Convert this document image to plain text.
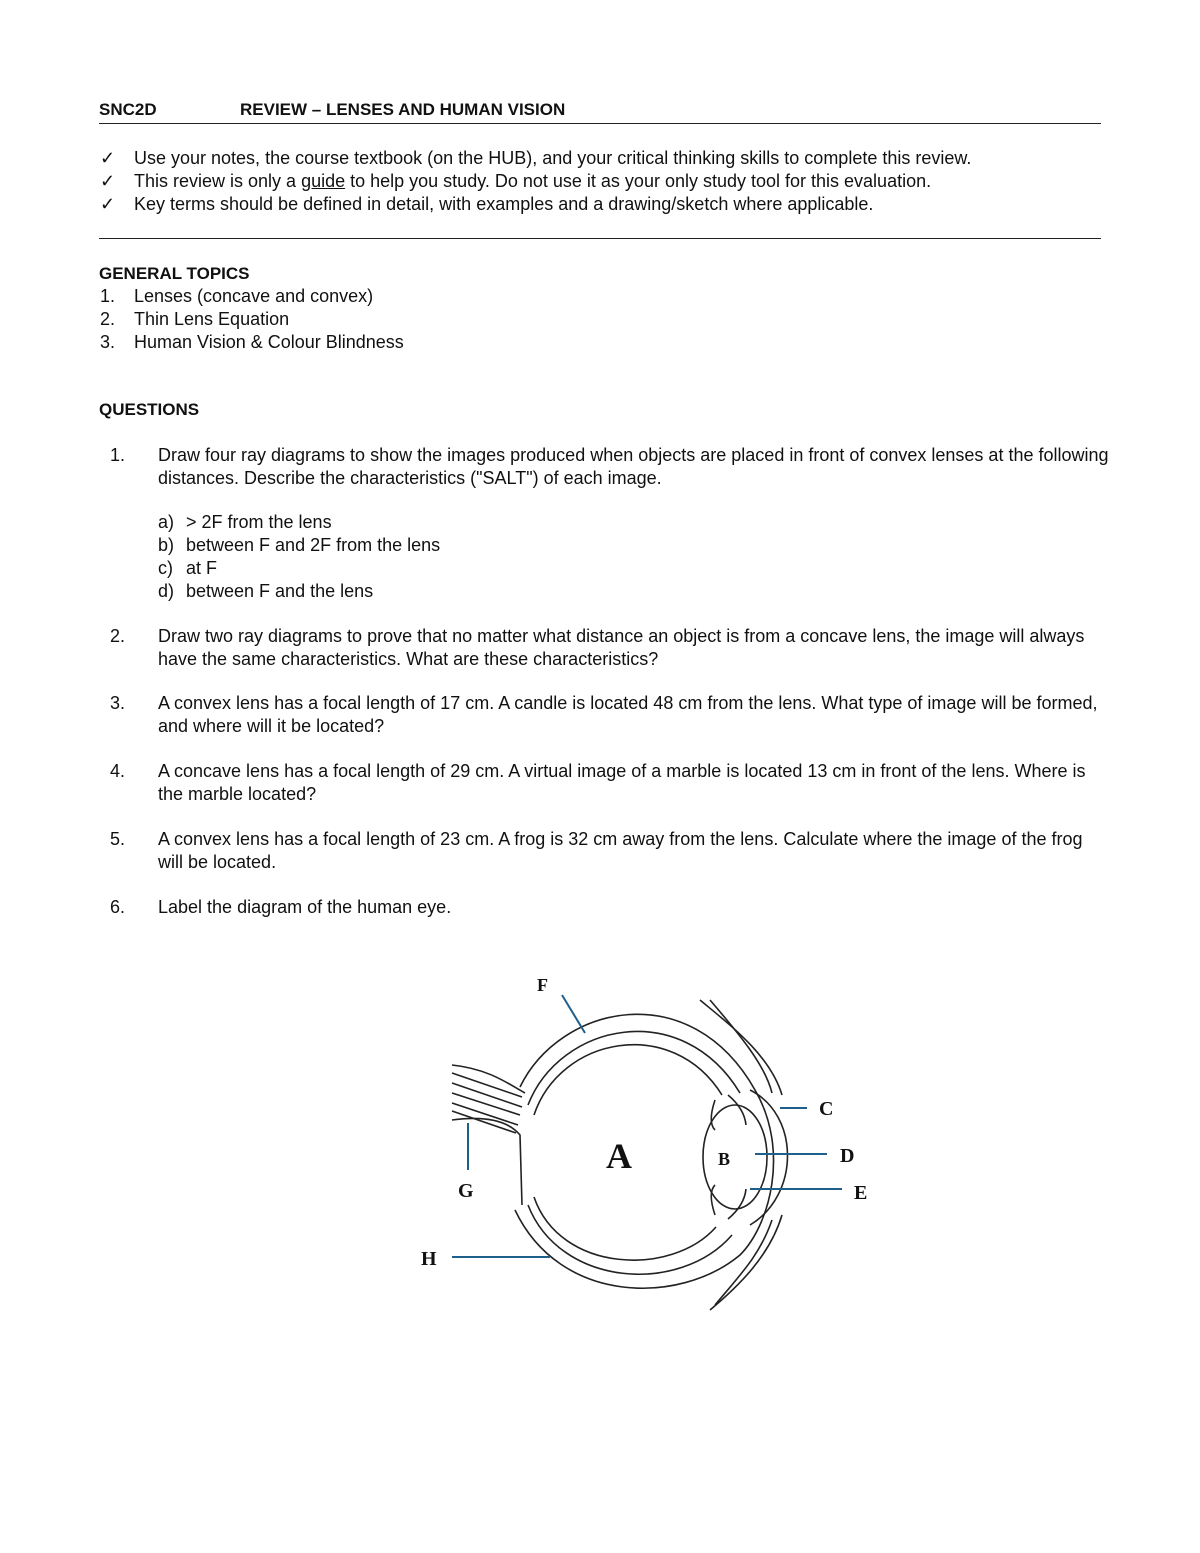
SNC2D	REVIEW – LENSES AND HUMAN VISION
✓ Use your notes, the course textbook (on the HUB), and your critical thinking skills to complete this review.
✓ This review is only a guide to help you study. Do not use it as your only study tool for this evaluation.
✓ Key terms should be defined in detail, with examples and a drawing/sketch where applicable.
GENERAL TOPICS
1. Lenses (concave and convex)
2. Thin Lens Equation
3. Human Vision & Colour Blindness
QUESTIONS
1. Draw four ray diagrams to show the images produced when objects are placed in front of convex lenses at the following distances. Describe the characteristics ("SALT") of each image.
a) > 2F from the lens
b) between F and 2F from the lens
c) at F
d) between F and the lens
2. Draw two ray diagrams to prove that no matter what distance an object is from a concave lens, the image will always have the same characteristics. What are these characteristics?
3. A convex lens has a focal length of 17 cm. A candle is located 48 cm from the lens. What type of image will be formed, and where will it be located?
4. A concave lens has a focal length of 29 cm. A virtual image of a marble is located 13 cm in front of the lens. Where is the marble located?
5. A convex lens has a focal length of 23 cm. A frog is 32 cm away from the lens. Calculate where the image of the frog will be located.
6. Label the diagram of the human eye.
A	B
C
D
E
F
G
H
